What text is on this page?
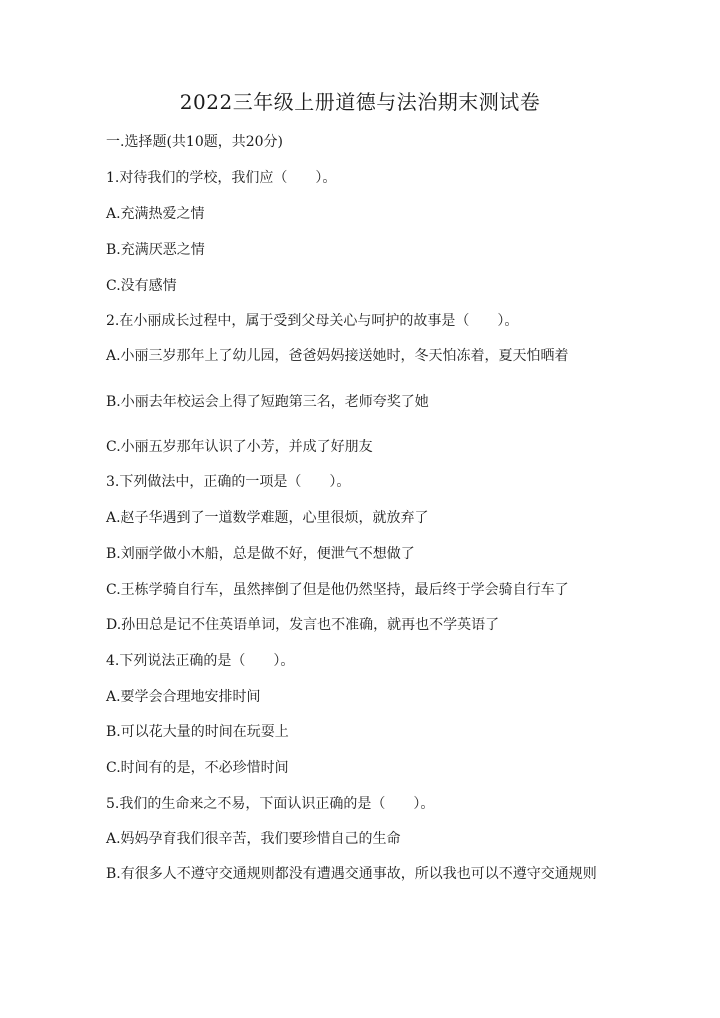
2022三年级上册道德与法治期末测试卷
一.选择题(共10题，共20分)
1.对待我们的学校，我们应（　　）。
A.充满热爱之情
B.充满厌恶之情
C.没有感情
2.在小丽成长过程中，属于受到父母关心与呵护的故事是（　　）。
A.小丽三岁那年上了幼儿园，爸爸妈妈接送她时，冬天怕冻着，夏天怕晒着
B.小丽去年校运会上得了短跑第三名，老师夸奖了她
C.小丽五岁那年认识了小芳，并成了好朋友
3.下列做法中，正确的一项是（　　）。
A.赵子华遇到了一道数学难题，心里很烦，就放弃了
B.刘丽学做小木船，总是做不好，便泄气不想做了
C.王栋学骑自行车，虽然摔倒了但是他仍然坚持，最后终于学会骑自行车了
D.孙田总是记不住英语单词，发言也不准确，就再也不学英语了
4.下列说法正确的是（　　）。
A.要学会合理地安排时间
B.可以花大量的时间在玩耍上
C.时间有的是，不必珍惜时间
5.我们的生命来之不易，下面认识正确的是（　　）。
A.妈妈孕育我们很辛苦，我们要珍惜自己的生命
B.有很多人不遵守交通规则都没有遭遇交通事故，所以我也可以不遵守交通规则
